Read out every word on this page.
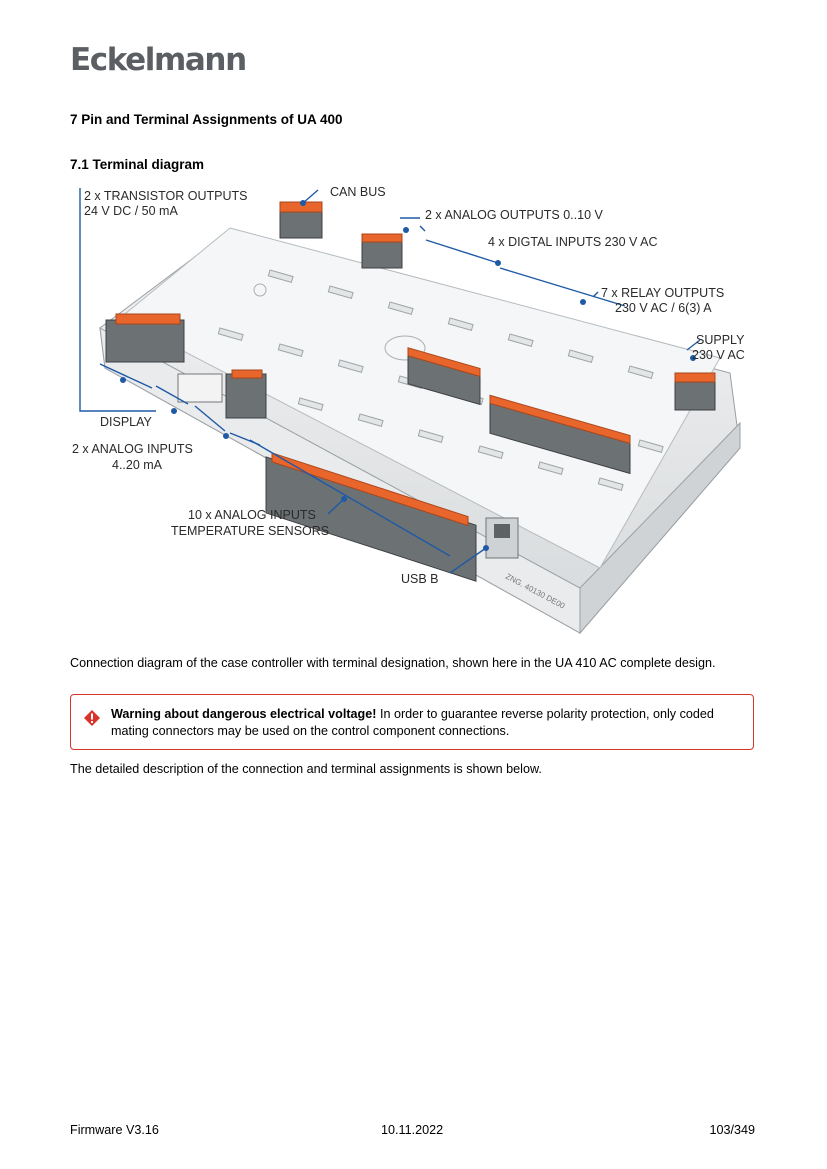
Eckelmann
7 Pin and Terminal Assignments of UA 400
7.1 Terminal diagram
2 x TRANSISTOR OUTPUTS
24 V DC / 50 mA
CAN BUS
2 x ANALOG OUTPUTS 0..10 V
4 x DIGTAL INPUTS 230 V AC
7 x RELAY OUTPUTS
230 V AC / 6(3) A
SUPPLY
230 V AC
DISPLAY
2 x ANALOG INPUTS
4..20 mA
10 x ANALOG INPUTS
TEMPERATURE SENSORS
USB B	ZNG. 40130 DE00
Connection diagram of the case controller with terminal designation, shown here in the UA 410 AC complete design.
Warning about dangerous electrical voltage! In order to guarantee reverse polarity protection, only coded mating connectors may be used on the control component connections.
The detailed description of the connection and terminal assignments is shown below.
Firmware V3.16	10.11.2022	103/349
